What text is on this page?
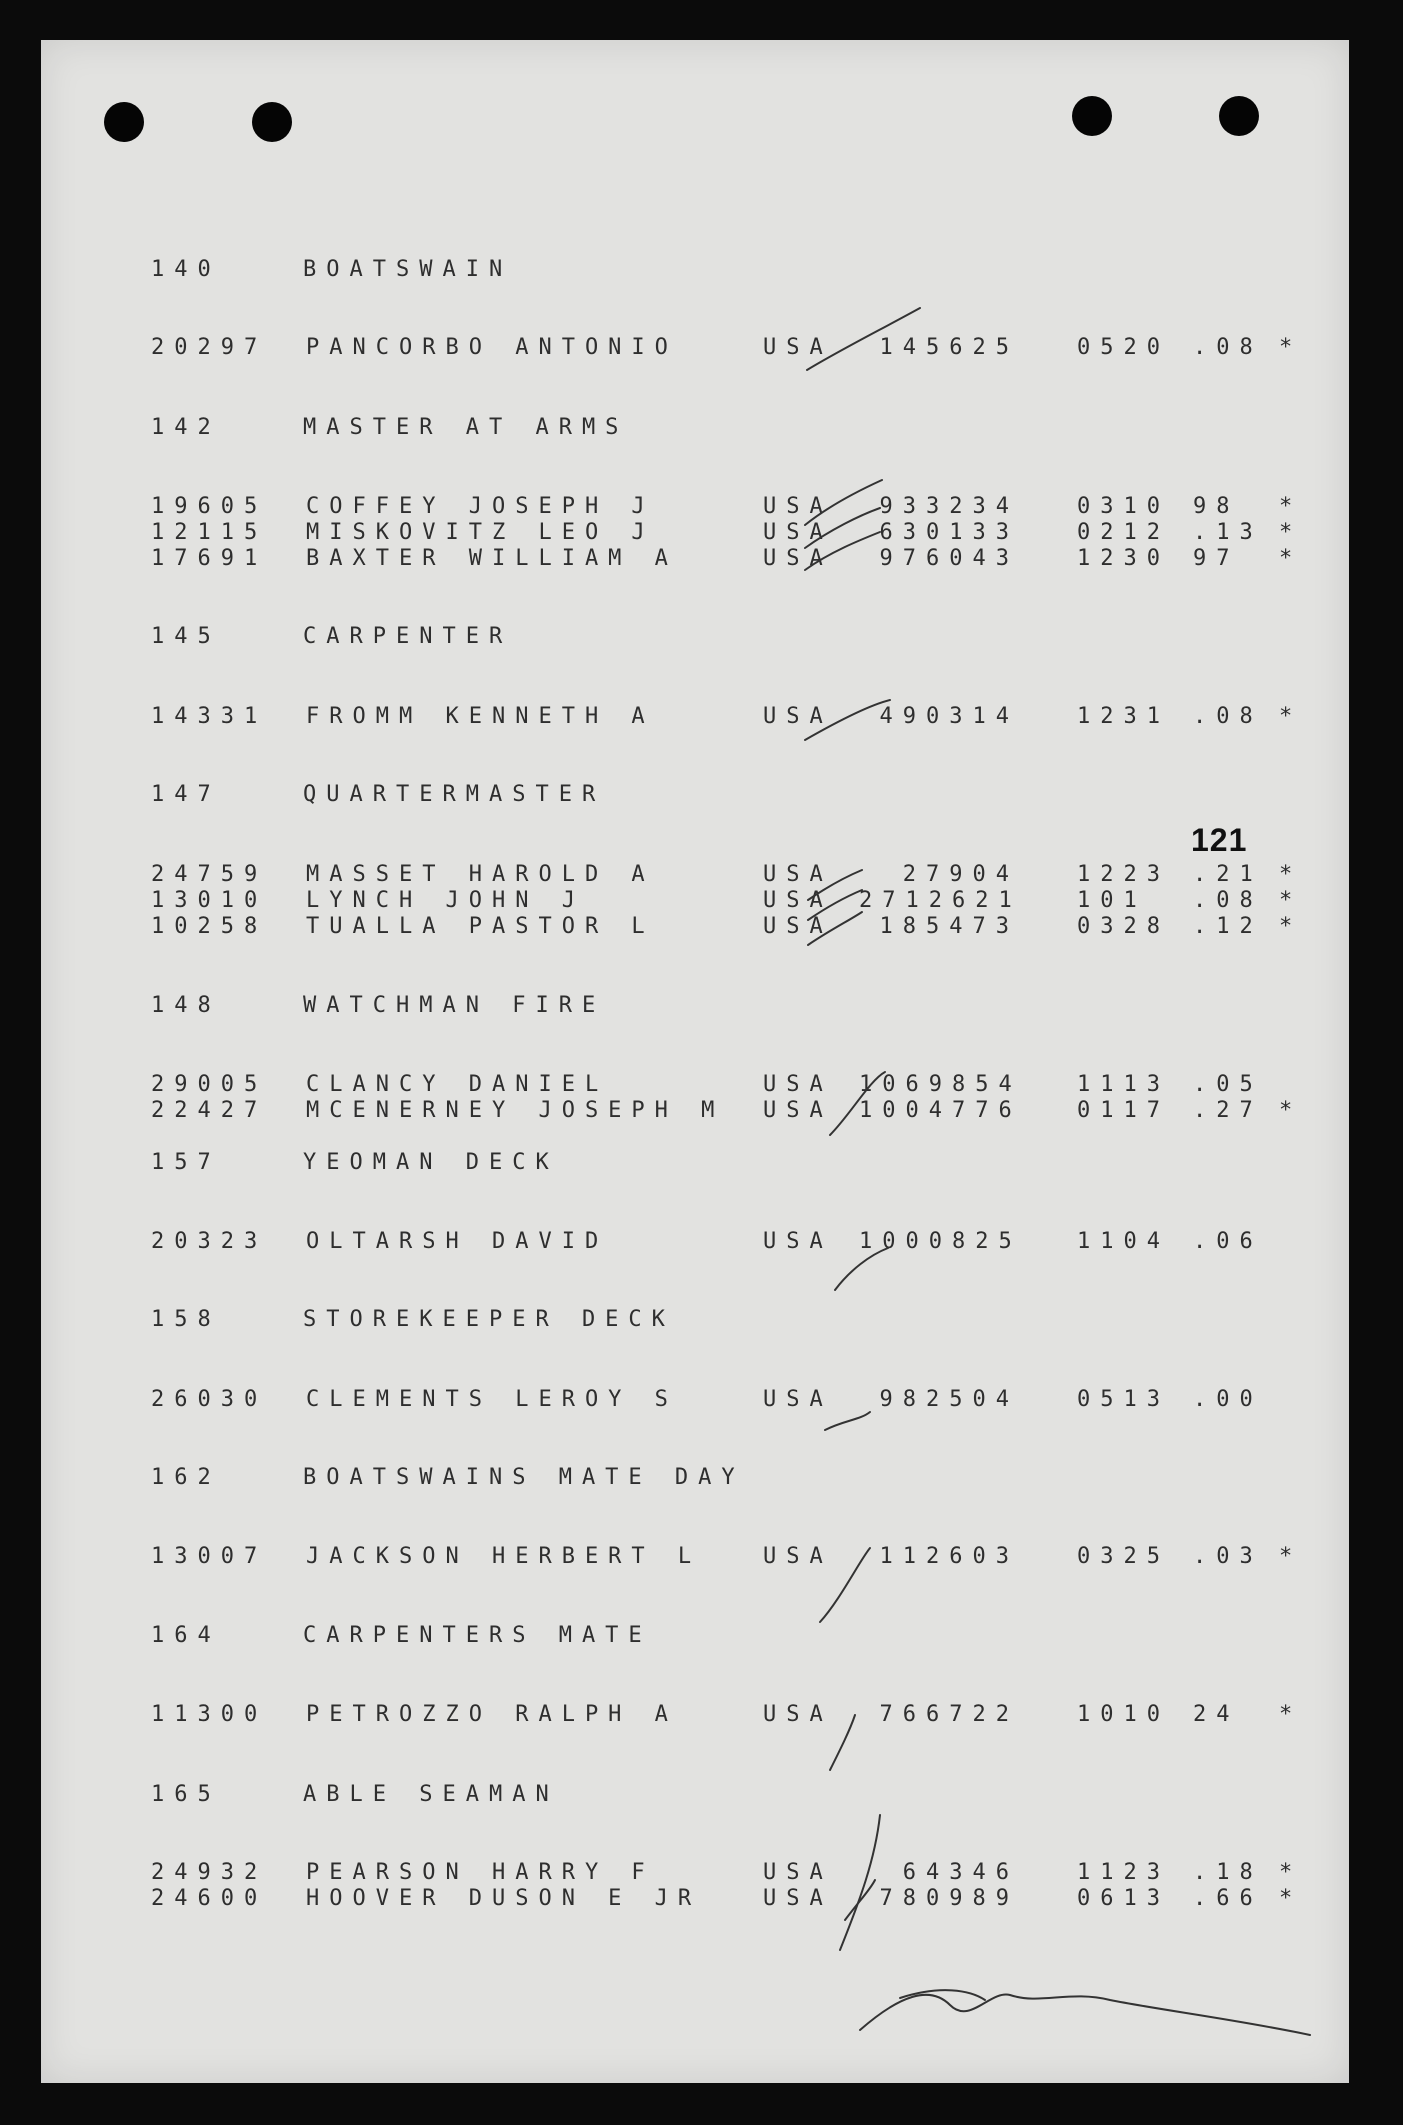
121
140	BOATSWAIN
20297 PANCORBO ANTONIO	USA	145625	0520 .08 *
142	MASTER AT ARMS
19605 COFFEY JOSEPH J	USA	933234	0310 98 *
12115 MISKOVITZ LEO J	USA	630133	0212 .13 *
17691 BAXTER WILLIAM A	USA	976043	1230 97 *
145	CARPENTER
14331 FROMM KENNETH A	USA	490314	1231 .08 *
147	QUARTERMASTER
24759 MASSET HAROLD A	USA	27904	1223 .21 *
13010 LYNCH JOHN J	USA 2712621	101 .08 *
10258 TUALLA PASTOR L	USA	185473	0328 .12 *
148	WATCHMAN FIRE
29005 CLANCY DANIEL	USA 1069854	1113 .05
22427 MCENERNEY JOSEPH M USA 1004776	0117 .27 *
157	YEOMAN DECK
20323 OLTARSH DAVID	USA 1000825	1104 .06
158	STOREKEEPER DECK
26030 CLEMENTS LEROY S	USA	982504	0513 .00
162	BOATSWAINS MATE DAY
13007 JACKSON HERBERT L	USA	112603	0325 .03 *
164	CARPENTERS MATE
11300 PETROZZO RALPH A	USA	766722	1010 24 *
165	ABLE SEAMAN
24932 PEARSON HARRY F	USA	64346	1123 .18 *
24600 HOOVER DUSON E JR	USA	780989	0613 .66 *
